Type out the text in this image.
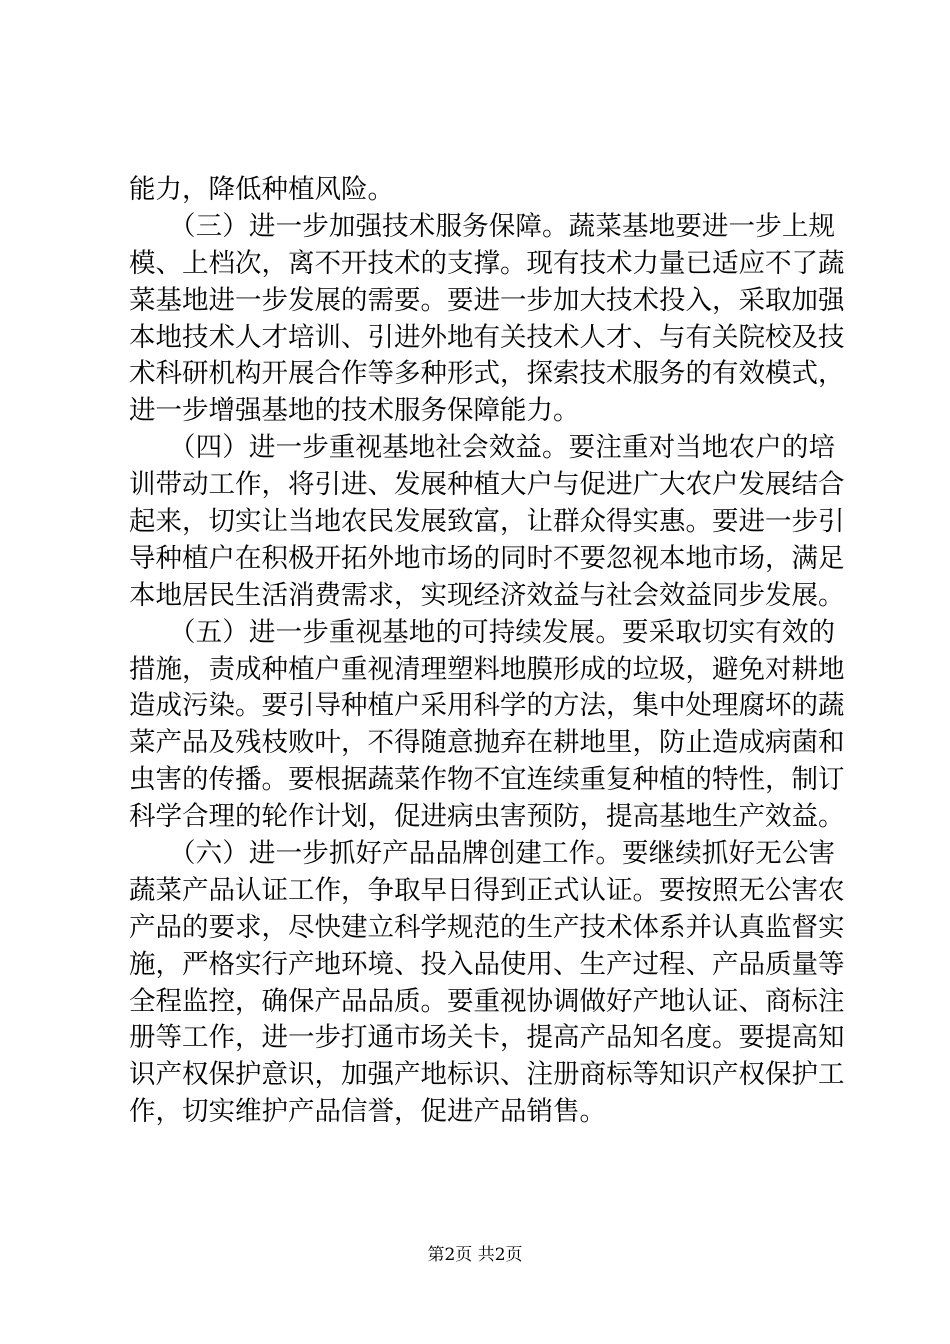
能力，降低种植风险。
（三）进一步加强技术服务保障。蔬菜基地要进一步上规
模、上档次，离不开技术的支撑。现有技术力量已适应不了蔬
菜基地进一步发展的需要。要进一步加大技术投入，采取加强
本地技术人才培训、引进外地有关技术人才、与有关院校及技
术科研机构开展合作等多种形式，探索技术服务的有效模式，
进一步增强基地的技术服务保障能力。
（四）进一步重视基地社会效益。要注重对当地农户的培
训带动工作，将引进、发展种植大户与促进广大农户发展结合
起来，切实让当地农民发展致富，让群众得实惠。要进一步引
导种植户在积极开拓外地市场的同时不要忽视本地市场，满足
本地居民生活消费需求，实现经济效益与社会效益同步发展。
（五）进一步重视基地的可持续发展。要采取切实有效的
措施，责成种植户重视清理塑料地膜形成的垃圾，避免对耕地
造成污染。要引导种植户采用科学的方法，集中处理腐坏的蔬
菜产品及残枝败叶，不得随意抛弃在耕地里，防止造成病菌和
虫害的传播。要根据蔬菜作物不宜连续重复种植的特性，制订
科学合理的轮作计划，促进病虫害预防，提高基地生产效益。
（六）进一步抓好产品品牌创建工作。要继续抓好无公害
蔬菜产品认证工作，争取早日得到正式认证。要按照无公害农
产品的要求，尽快建立科学规范的生产技术体系并认真监督实
施，严格实行产地环境、投入品使用、生产过程、产品质量等
全程监控，确保产品品质。要重视协调做好产地认证、商标注
册等工作，进一步打通市场关卡，提高产品知名度。要提高知
识产权保护意识，加强产地标识、注册商标等知识产权保护工
作，切实维护产品信誉，促进产品销售。
第2页 共2页
